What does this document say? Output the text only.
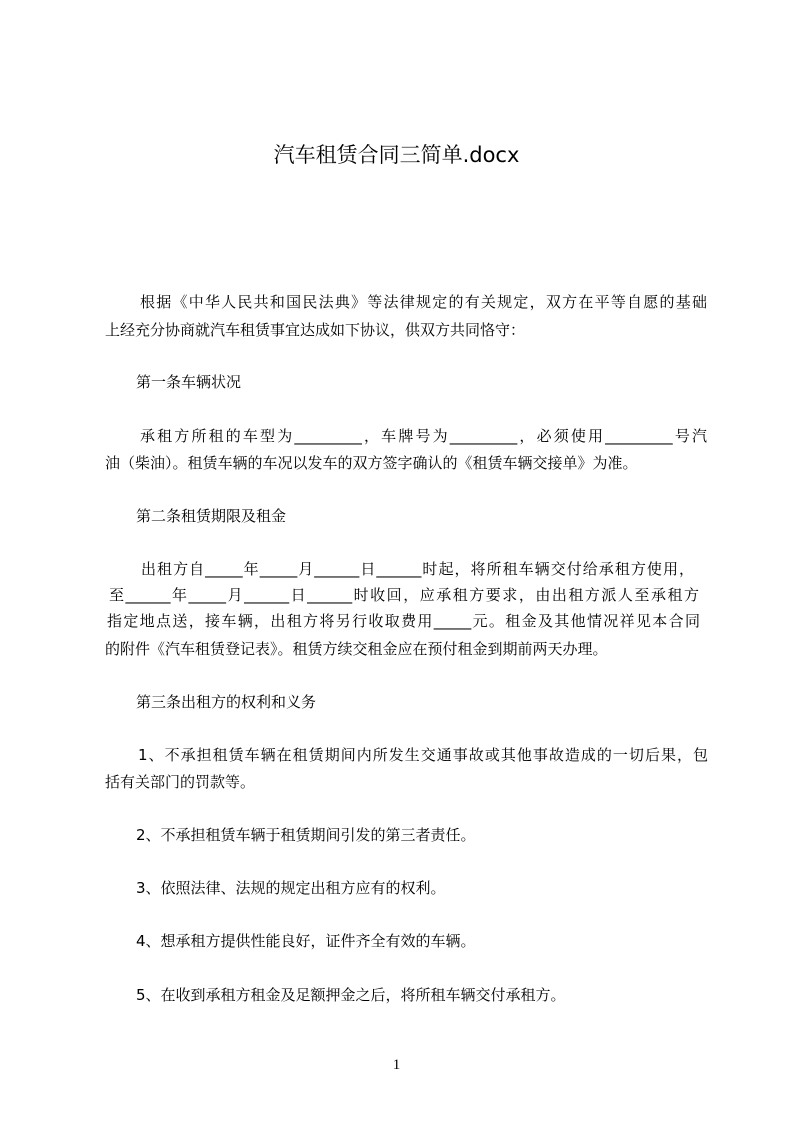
汽车租赁合同三简单.docx
根据《中华人民共和国民法典》等法律规定的有关规定，双方在平等自愿的基础
上经充分协商就汽车租赁事宜达成如下协议，供双方共同恪守：
第一条车辆状况
承租方所租的车型为_________，车牌号为_________，必须使用_________号汽
油（柴油）。租赁车辆的车况以发车的双方签字确认的《租赁车辆交接单》为准。
第二条租赁期限及租金
出租方自_____年_____月______日______时起，将所租车辆交付给承租方使用，
至______年_____月______日______时收回，应承租方要求，由出租方派人至承租方
指定地点送，接车辆，出租方将另行收取费用_____元。租金及其他情况祥见本合同
的附件《汽车租赁登记表》。租赁方续交租金应在预付租金到期前两天办理。
第三条出租方的权利和义务
1、不承担租赁车辆在租赁期间内所发生交通事故或其他事故造成的一切后果，包
括有关部门的罚款等。
2、不承担租赁车辆于租赁期间引发的第三者责任。
3、依照法律、法规的规定出租方应有的权利。
4、想承租方提供性能良好，证件齐全有效的车辆。
5、在收到承租方租金及足额押金之后，将所租车辆交付承租方。
1
